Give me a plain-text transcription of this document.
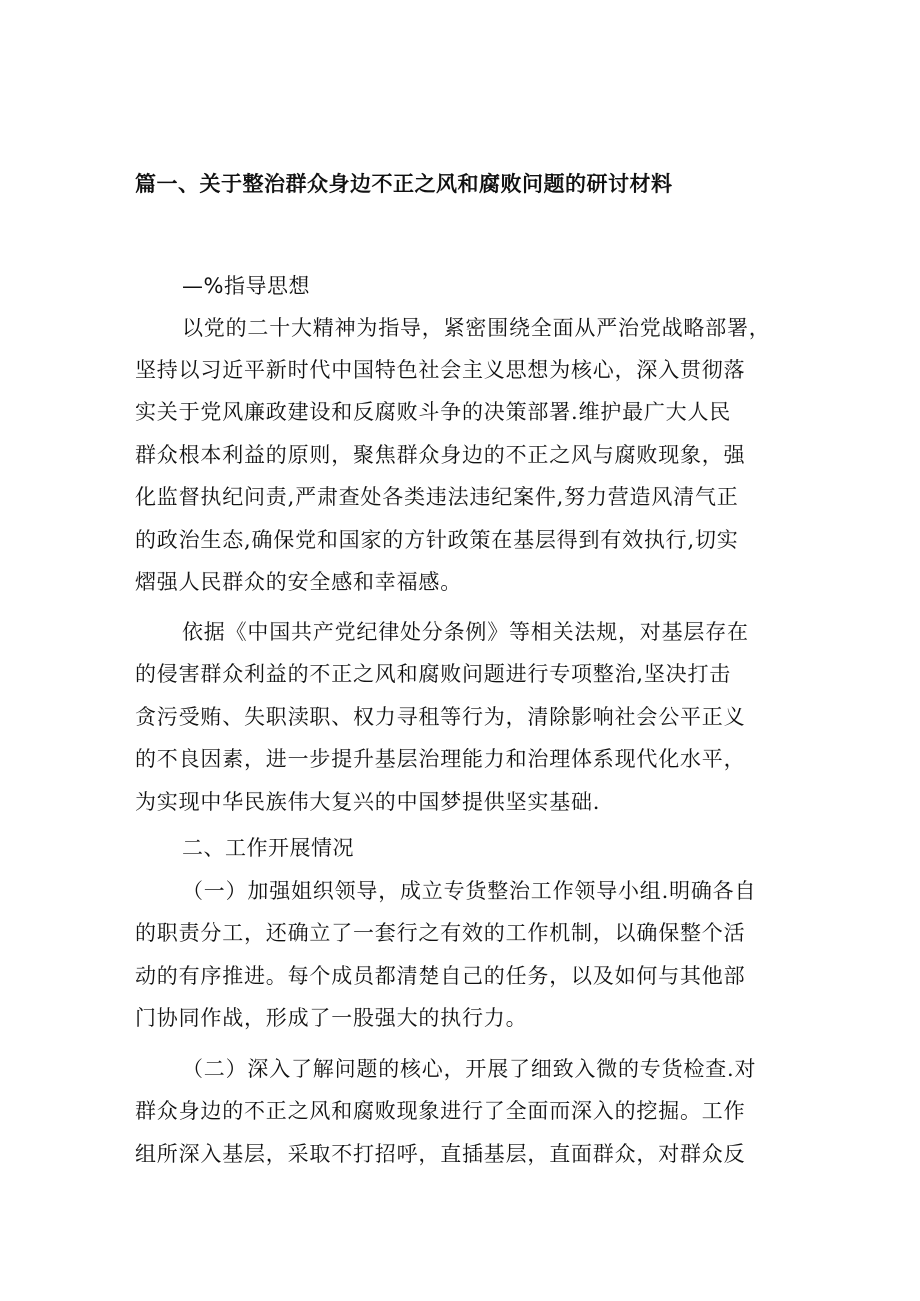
篇一、关于整治群众身边不正之风和腐败问题的研讨材料
—%指导思想
以党的二十大精神为指导，紧密围绕全面从严治党战略部署，
坚持以习近平新时代中国特色社会主义思想为核心，深入贯彻落
实关于党风廉政建设和反腐败斗争的决策部署.维护最广大人民
群众根本利益的原则，聚焦群众身边的不正之风与腐败现象，强
化监督执纪问责,严肃查处各类违法违纪案件,努力营造风清气正
的政治生态,确保党和国家的方针政策在基层得到有效执行,切实
熠强人民群众的安全感和幸福感。
依据《中国共产党纪律处分条例》等相关法规，对基层存在
的侵害群众利益的不正之风和腐败问题进行专项整治,坚决打击
贪污受贿、失职渎职、权力寻租等行为，清除影响社会公平正义
的不良因素，进一步提升基层治理能力和治理体系现代化水平，
为实现中华民族伟大复兴的中国梦提供坚实基础.
二、工作开展情况
（一）加强姐织领导，成立专货整治工作领导小组.明确各自
的职责分工，还确立了一套行之有效的工作机制，以确保整个活
动的有序推进。每个成员都清楚自己的任务，以及如何与其他部
门协同作战，形成了一股强大的执行力。
（二）深入了解问题的核心，开展了细致入微的专货检查.对
群众身边的不正之风和腐败现象进行了全面而深入的挖掘。工作
组所深入基层，采取不打招呼，直插基层，直面群众，对群众反
